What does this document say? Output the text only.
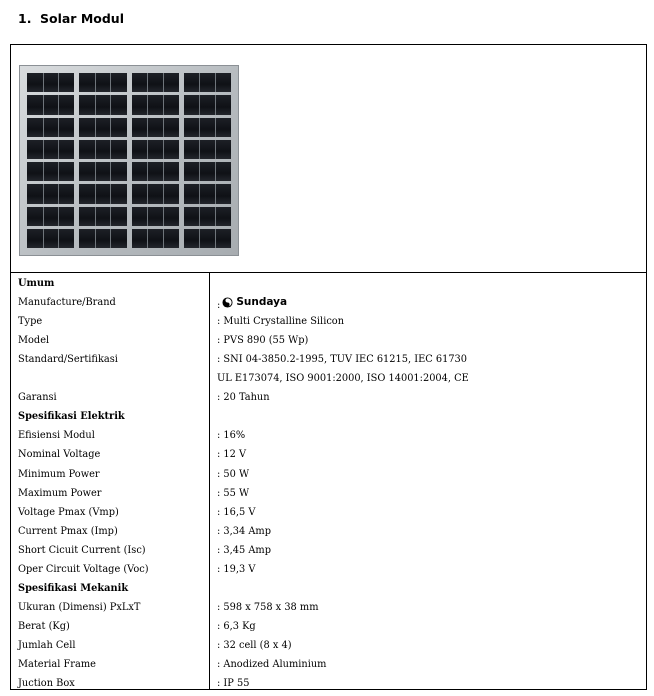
1. Solar Modul
Umum
Manufacture/Brand	: Sundaya
Type	: Multi Crystalline Silicon
Model	: PVS 890 (55 Wp)
Standard/Sertifikasi	: SNI 04-3850.2-1995, TUV IEC 61215, IEC 61730
UL E173074, ISO 9001:2000, ISO 14001:2004, CE
Garansi	: 20 Tahun
Spesifikasi Elektrik
Efisiensi Modul	: 16%
Nominal Voltage	: 12 V
Minimum Power	: 50 W
Maximum Power	: 55 W
Voltage Pmax (Vmp)	: 16,5 V
Current Pmax (Imp)	: 3,34 Amp
Short Cicuit Current (Isc)	: 3,45 Amp
Oper Circuit Voltage (Voc)	: 19,3 V
Spesifikasi Mekanik
Ukuran (Dimensi) PxLxT	: 598 x 758 x 38 mm
Berat (Kg)	: 6,3 Kg
Jumlah Cell	: 32 cell (8 x 4)
Material Frame	: Anodized Aluminium
Juction Box	: IP 55
